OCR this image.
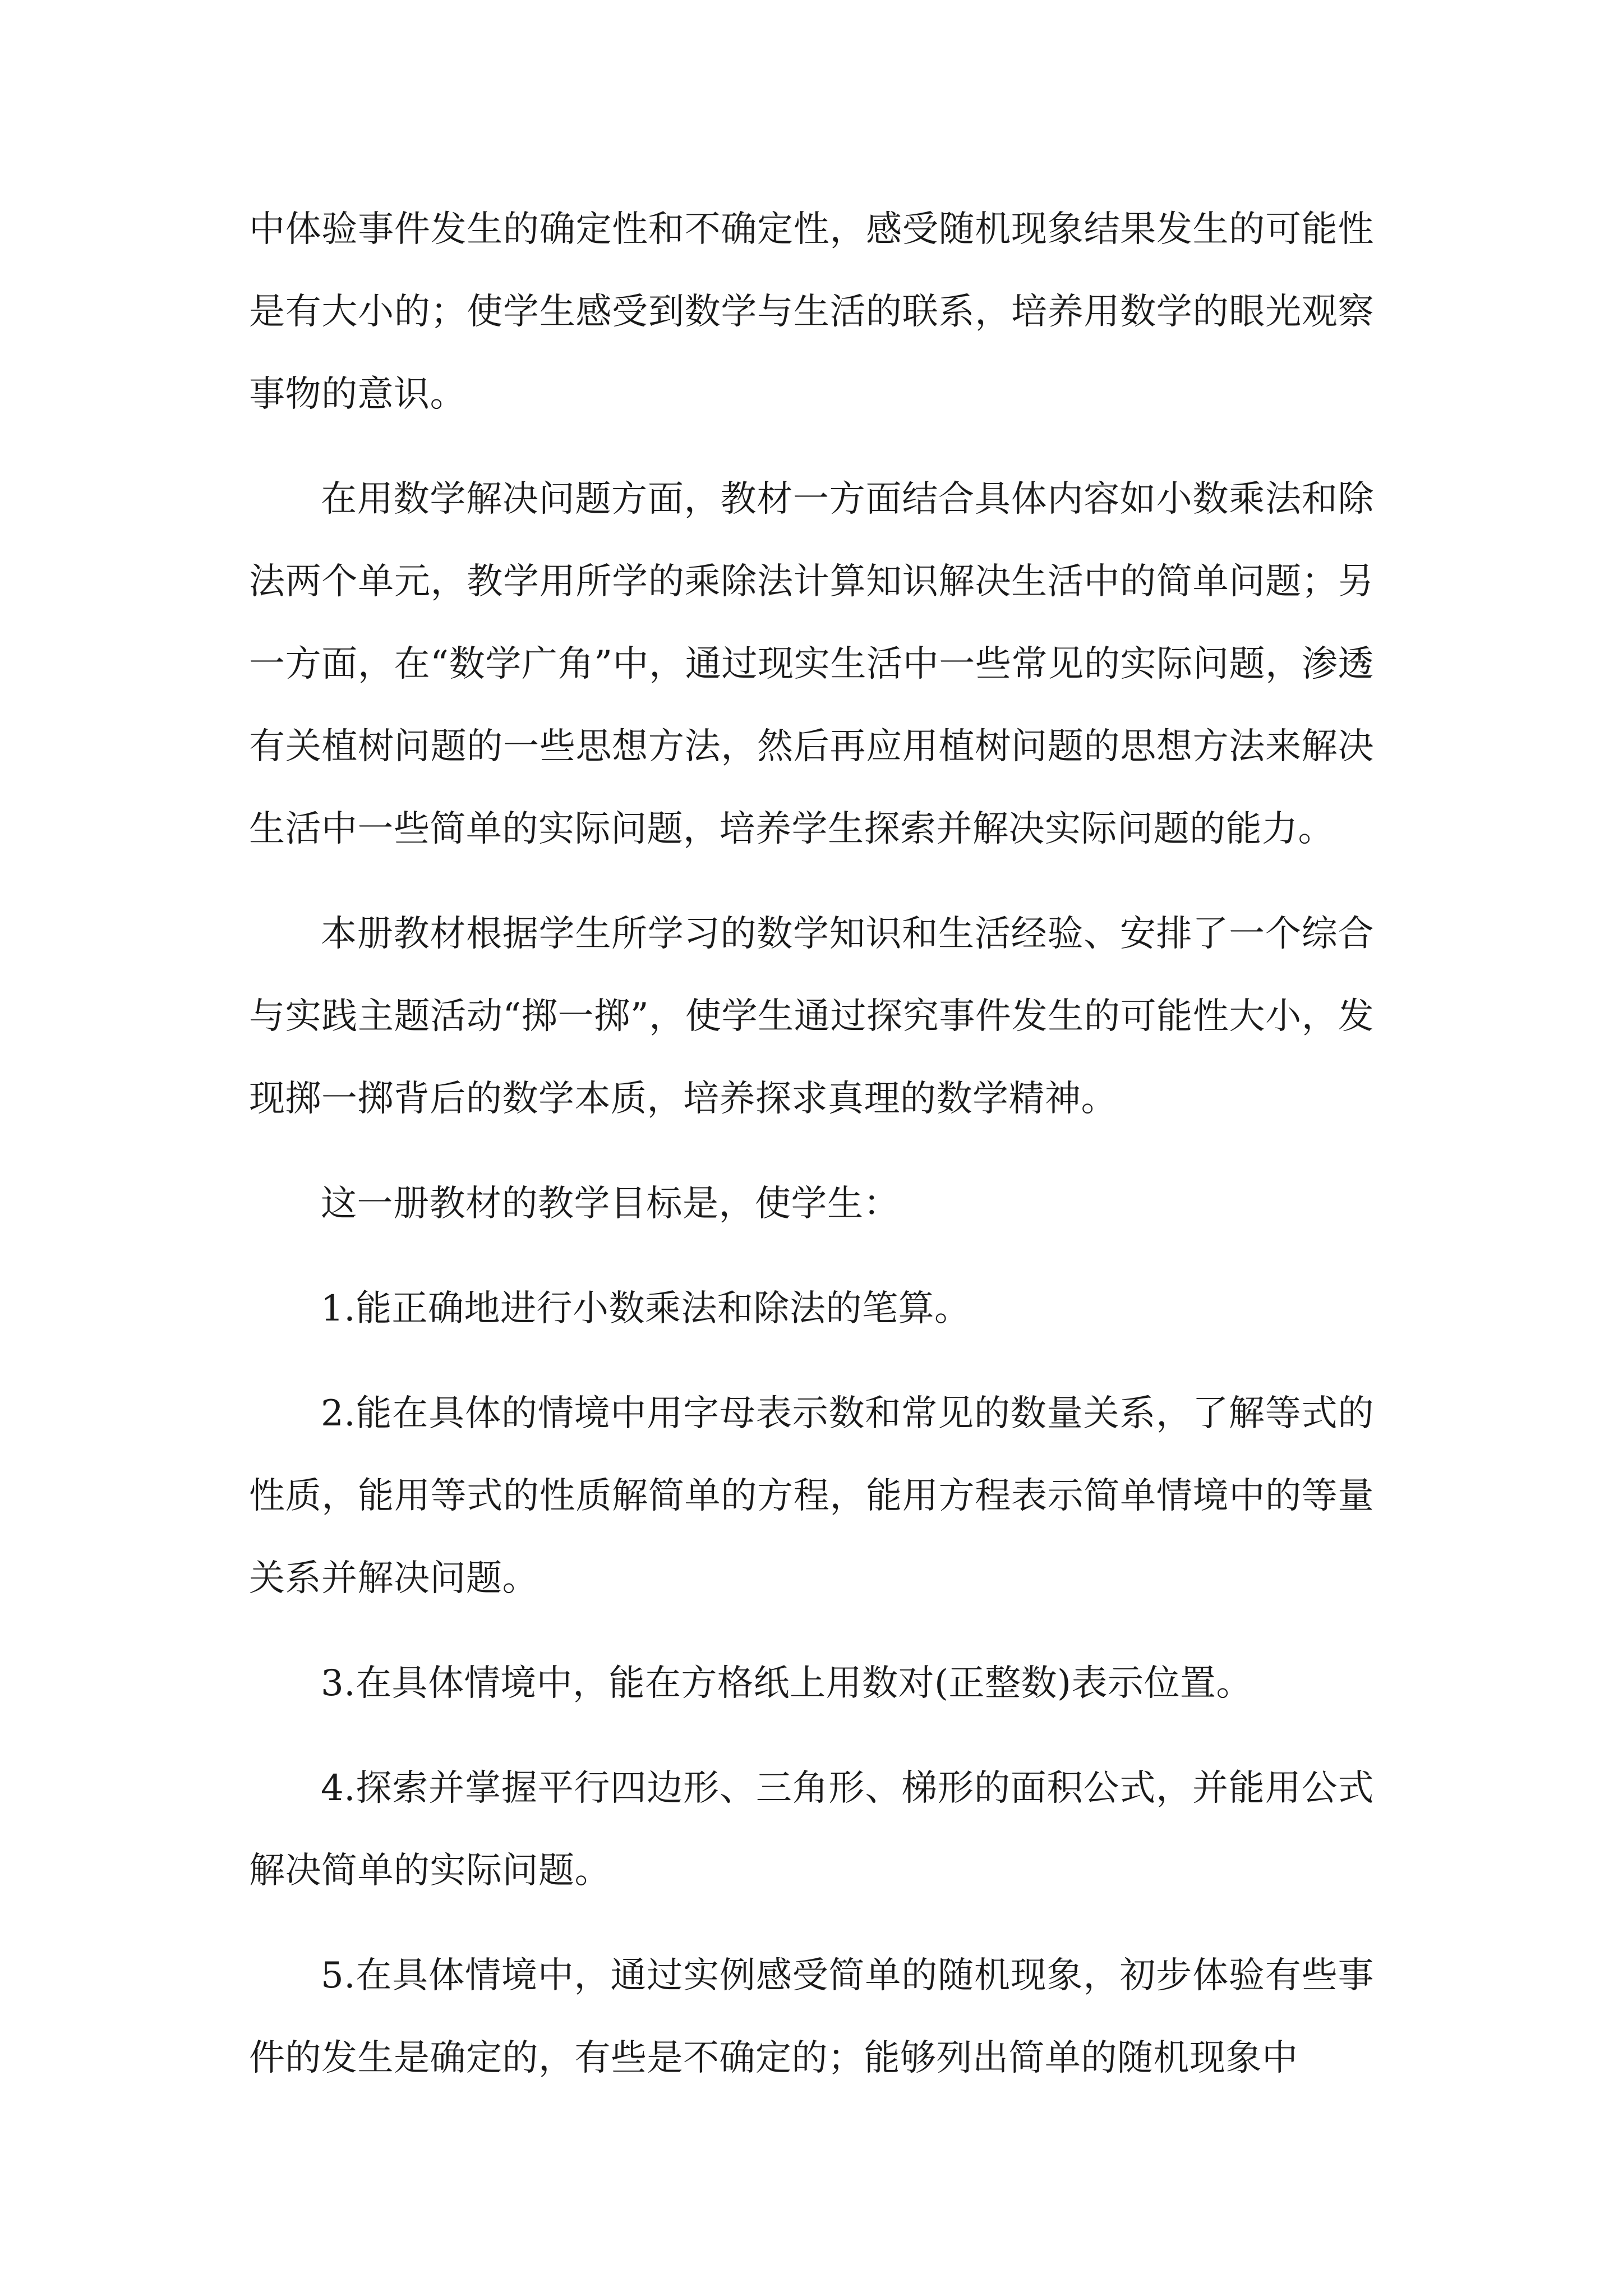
中体验事件发生的确定性和不确定性，感受随机现象结果发生的可能性是有大小的；使学生感受到数学与生活的联系，培养用数学的眼光观察事物的意识。

在用数学解决问题方面，教材一方面结合具体内容如小数乘法和除法两个单元，教学用所学的乘除法计算知识解决生活中的简单问题；另一方面，在“数学广角”中，通过现实生活中一些常见的实际问题，渗透有关植树问题的一些思想方法，然后再应用植树问题的思想方法来解决生活中一些简单的实际问题，培养学生探索并解决实际问题的能力。

本册教材根据学生所学习的数学知识和生活经验、安排了一个综合与实践主题活动“掷一掷”，使学生通过探究事件发生的可能性大小，发现掷一掷背后的数学本质，培养探求真理的数学精神。

这一册教材的教学目标是，使学生：

1.能正确地进行小数乘法和除法的笔算。

2.能在具体的情境中用字母表示数和常见的数量关系，了解等式的性质，能用等式的性质解简单的方程，能用方程表示简单情境中的等量关系并解决问题。

3.在具体情境中，能在方格纸上用数对(正整数)表示位置。

4.探索并掌握平行四边形、三角形、梯形的面积公式，并能用公式解决简单的实际问题。

5.在具体情境中，通过实例感受简单的随机现象，初步体验有些事件的发生是确定的，有些是不确定的；能够列出简单的随机现象中
